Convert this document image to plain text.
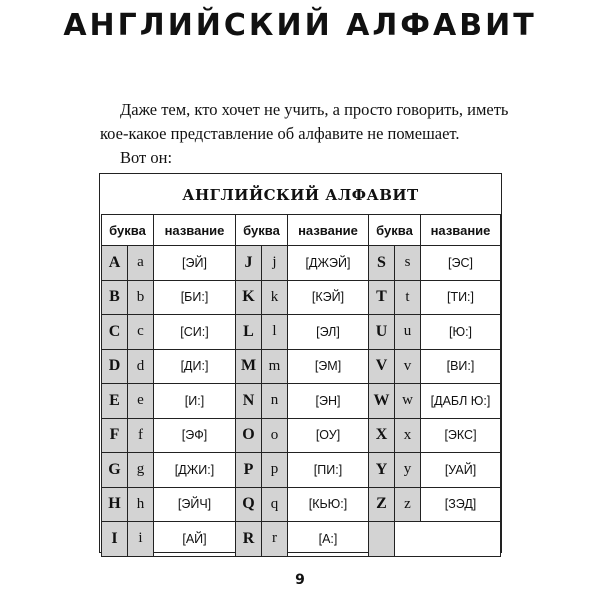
АНГЛИЙСКИЙ АЛФАВИТ

Даже тем, кто хочет не учить, а просто говорить, иметь кое-какое представление об алфавите не помешает.

Вот он:

АНГЛИЙСКИЙ АЛФАВИТ
буква		название	буква		название	буква		название
A	a	[ЭЙ]	J	j	[ДЖЭЙ]	S	s	[ЭС]
B	b	[БИ:]	K	k	[КЭЙ]	T	t	[ТИ:]
C	c	[СИ:]	L	l	[ЭЛ]	U	u	[Ю:]
D	d	[ДИ:]	M	m	[ЭМ]	V	v	[ВИ:]
E	e	[И:]	N	n	[ЭН]	W	w	[ДАБЛ Ю:]
F	f	[ЭФ]	O	o	[ОУ]	X	x	[ЭКС]
G	g	[ДЖИ:]	P	p	[ПИ:]	Y	y	[УАЙ]
H	h	[ЭЙЧ]	Q	q	[КЬЮ:]	Z	z	[ЗЭД]
I	i	[АЙ]	R	r	[А:]			
9
